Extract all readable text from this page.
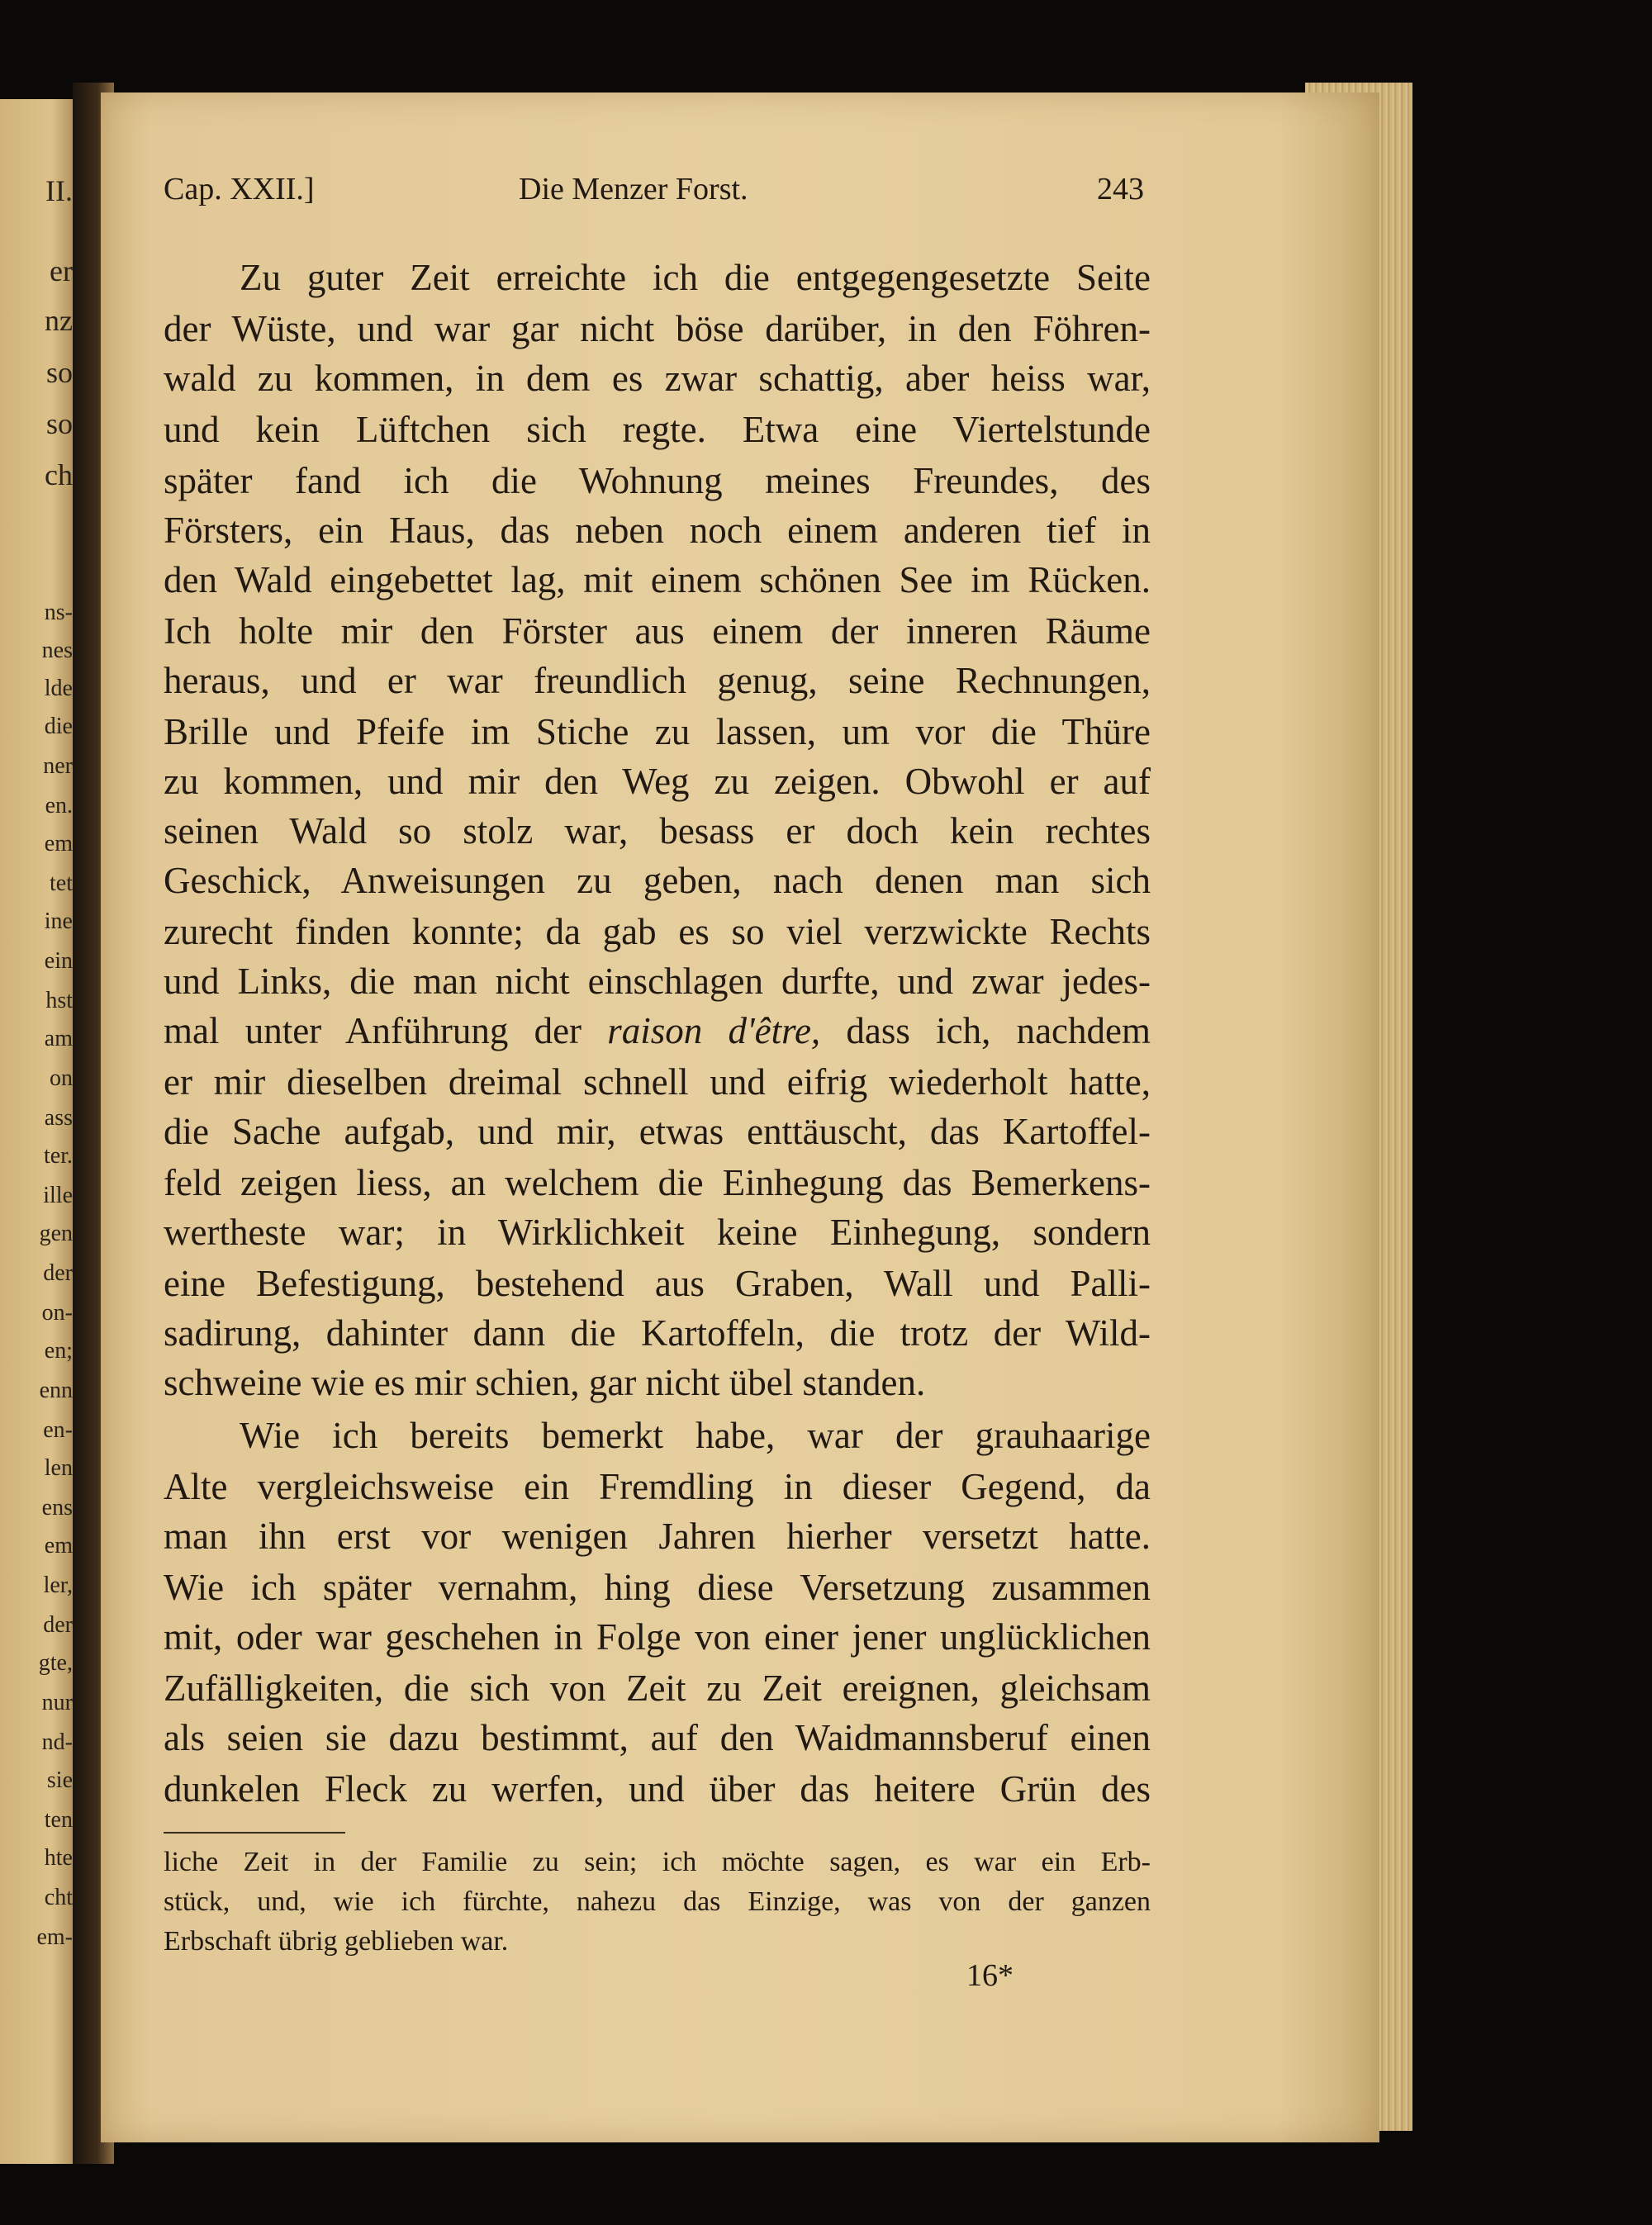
II.
er
nz
so
so
ch
ns-
nes
lde
die
ner
en.
em
tet
ine
ein
hst
am
on
ass
ter.
ille
gen
der
on-
en;
enn
en-
len
ens
em
ler,
der
gte,
nur
nd-
sie
ten
hte
cht
em-
Cap. XXII.]	Die Menzer Forst.	243
Zu guter Zeit erreichte ich die entgegengesetzte Seite
der Wüste, und war gar nicht böse darüber, in den Föhren-
wald zu kommen, in dem es zwar schattig, aber heiss war,
und kein Lüftchen sich regte. Etwa eine Viertelstunde
später fand ich die Wohnung meines Freundes, des
Försters, ein Haus, das neben noch einem anderen tief in
den Wald eingebettet lag, mit einem schönen See im Rücken.
Ich holte mir den Förster aus einem der inneren Räume
heraus, und er war freundlich genug, seine Rechnungen,
Brille und Pfeife im Stiche zu lassen, um vor die Thüre
zu kommen, und mir den Weg zu zeigen. Obwohl er auf
seinen Wald so stolz war, besass er doch kein rechtes
Geschick, Anweisungen zu geben, nach denen man sich
zurecht finden konnte; da gab es so viel verzwickte Rechts
und Links, die man nicht einschlagen durfte, und zwar jedes-
mal unter Anführung der raison d'être, dass ich, nachdem
er mir dieselben dreimal schnell und eifrig wiederholt hatte,
die Sache aufgab, und mir, etwas enttäuscht, das Kartoffel-
feld zeigen liess, an welchem die Einhegung das Bemerkens-
wertheste war; in Wirklichkeit keine Einhegung, sondern
eine Befestigung, bestehend aus Graben, Wall und Palli-
sadirung, dahinter dann die Kartoffeln, die trotz der Wild-
schweine wie es mir schien, gar nicht übel standen.
Wie ich bereits bemerkt habe, war der grauhaarige
Alte vergleichsweise ein Fremdling in dieser Gegend, da
man ihn erst vor wenigen Jahren hierher versetzt hatte.
Wie ich später vernahm, hing diese Versetzung zusammen
mit, oder war geschehen in Folge von einer jener unglücklichen
Zufälligkeiten, die sich von Zeit zu Zeit ereignen, gleichsam
als seien sie dazu bestimmt, auf den Waidmannsberuf einen
dunkelen Fleck zu werfen, und über das heitere Grün des
liche Zeit in der Familie zu sein; ich möchte sagen, es war ein Erb-
stück, und, wie ich fürchte, nahezu das Einzige, was von der ganzen
Erbschaft übrig geblieben war.
16*
